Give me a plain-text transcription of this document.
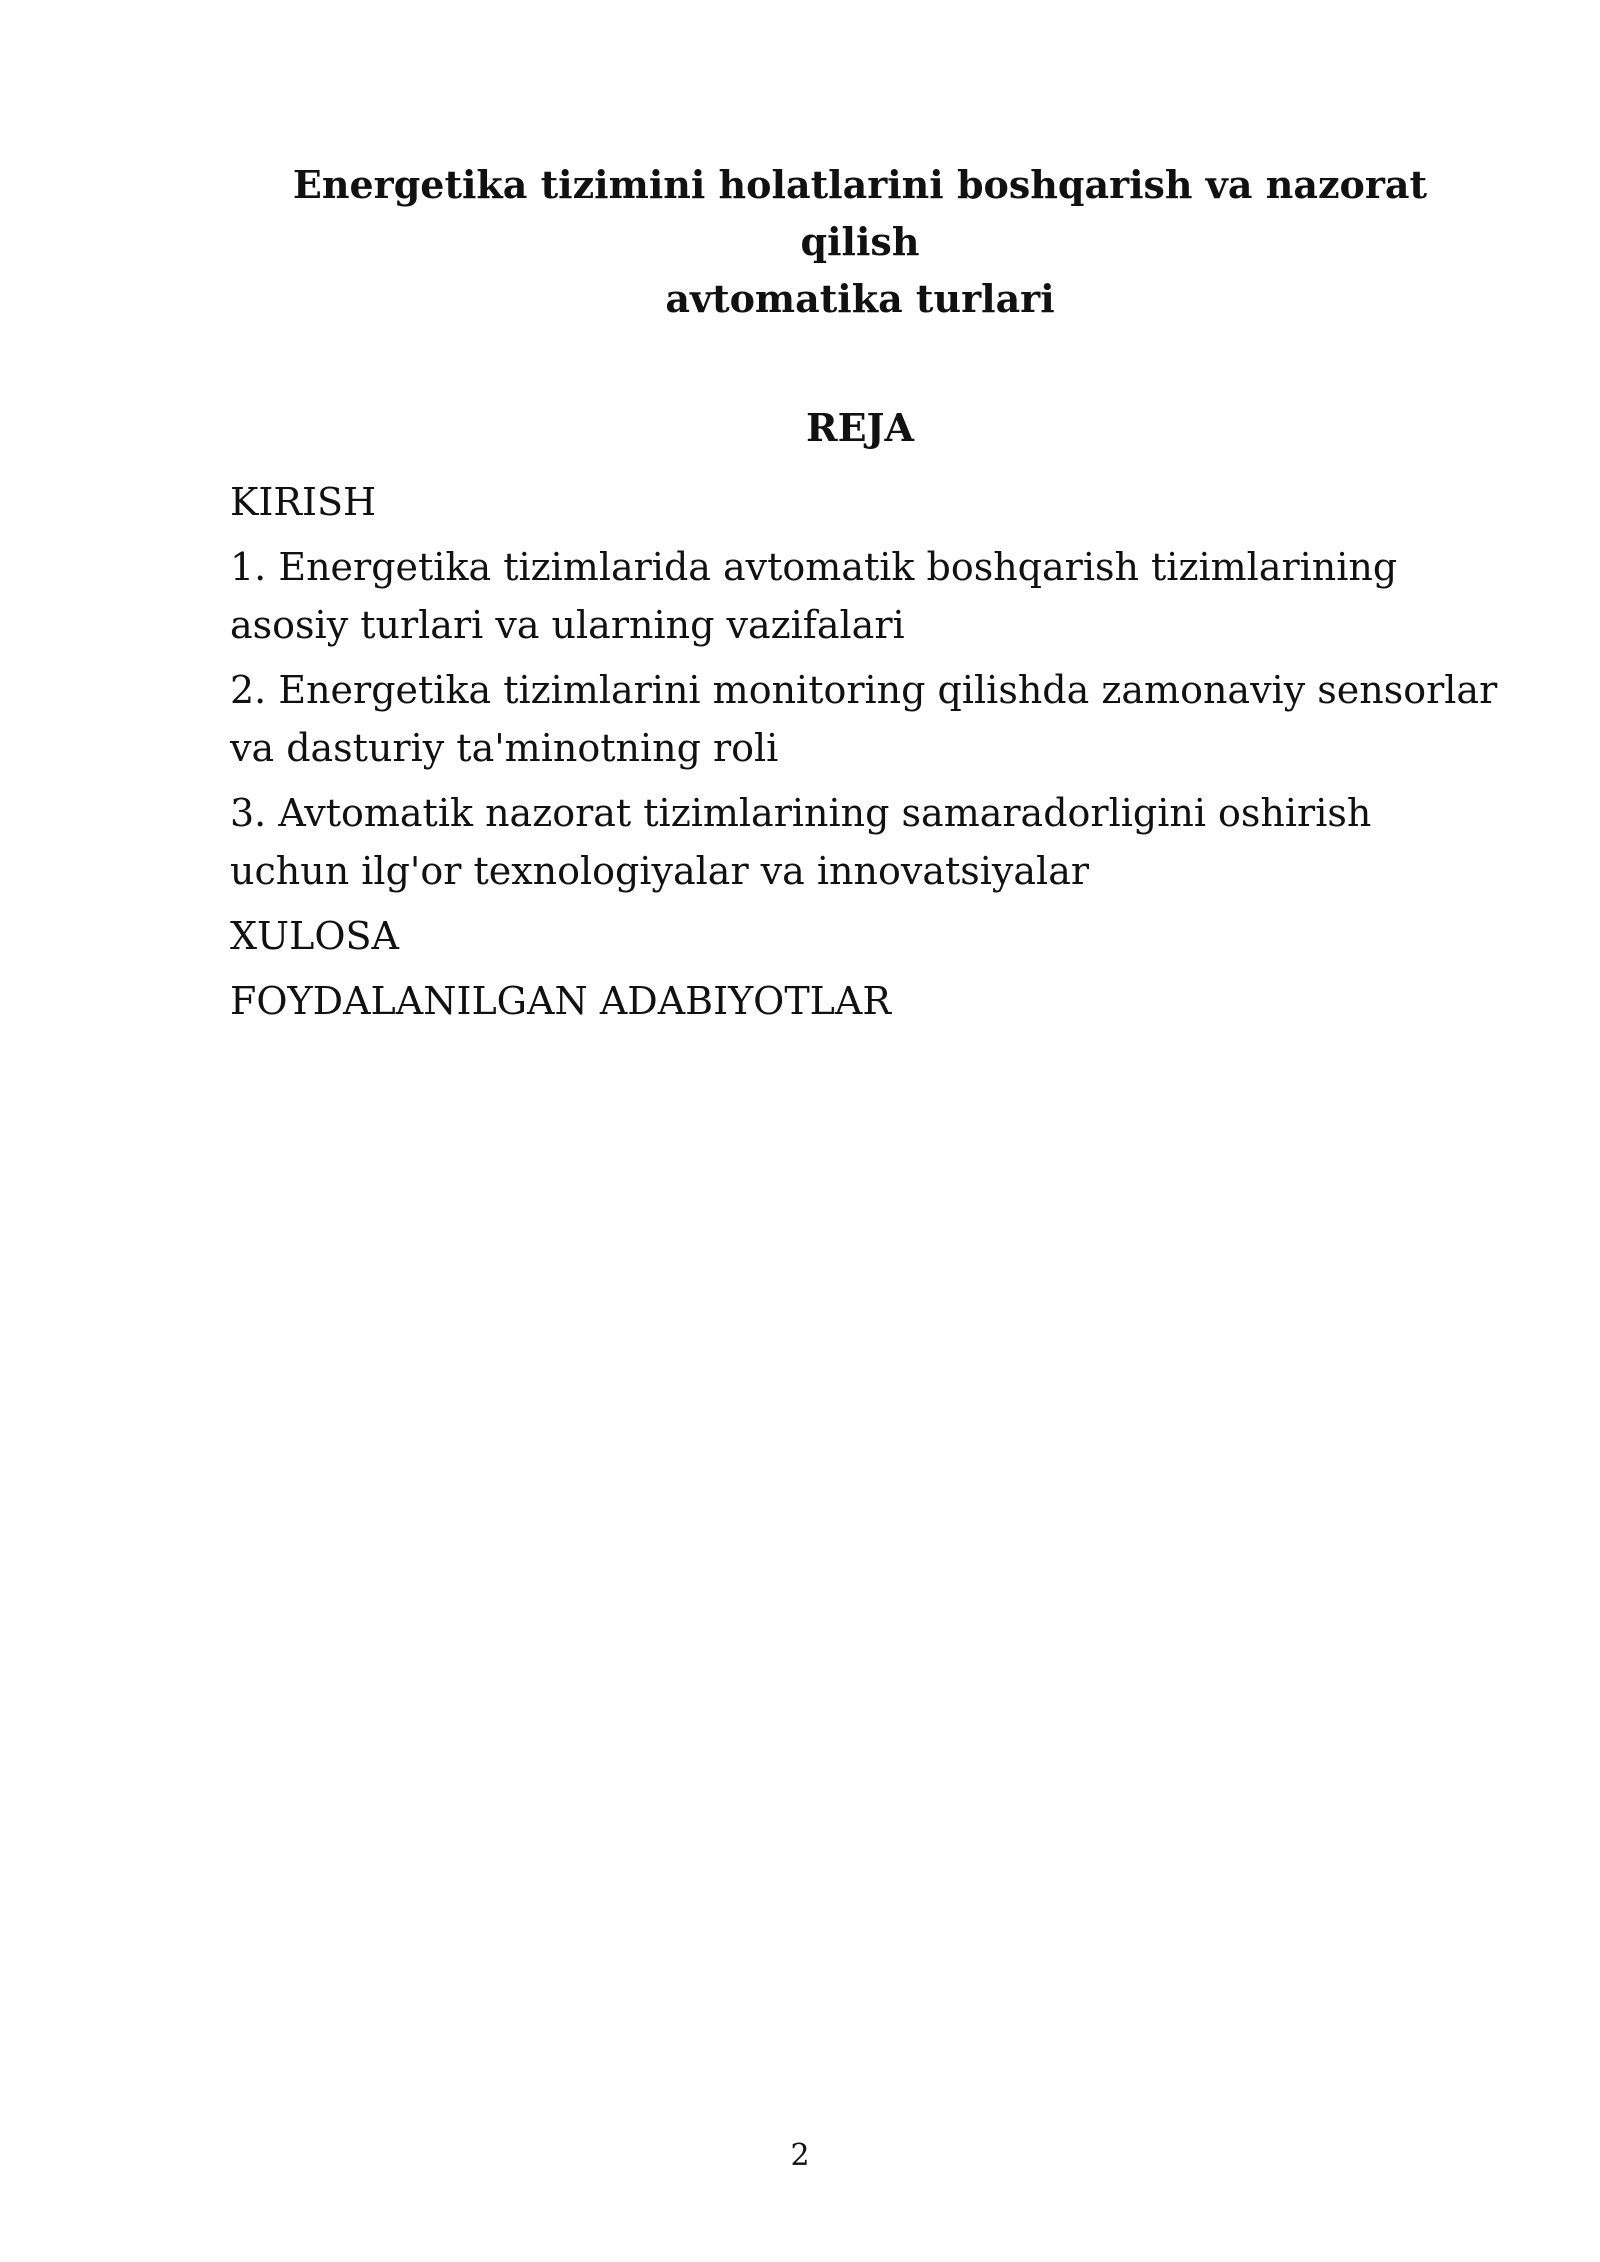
Energetika tizimini holatlarini boshqarish va nazorat qilish
avtomatika turlari
REJA
KIRISH
1. Energetika tizimlarida avtomatik boshqarish tizimlarining
asosiy turlari va ularning vazifalari
2. Energetika tizimlarini monitoring qilishda zamonaviy sensorlar
va dasturiy ta'minotning roli
3. Avtomatik nazorat tizimlarining samaradorligini oshirish
uchun ilg'or texnologiyalar va innovatsiyalar
XULOSA
FOYDALANILGAN ADABIYOTLAR
2
